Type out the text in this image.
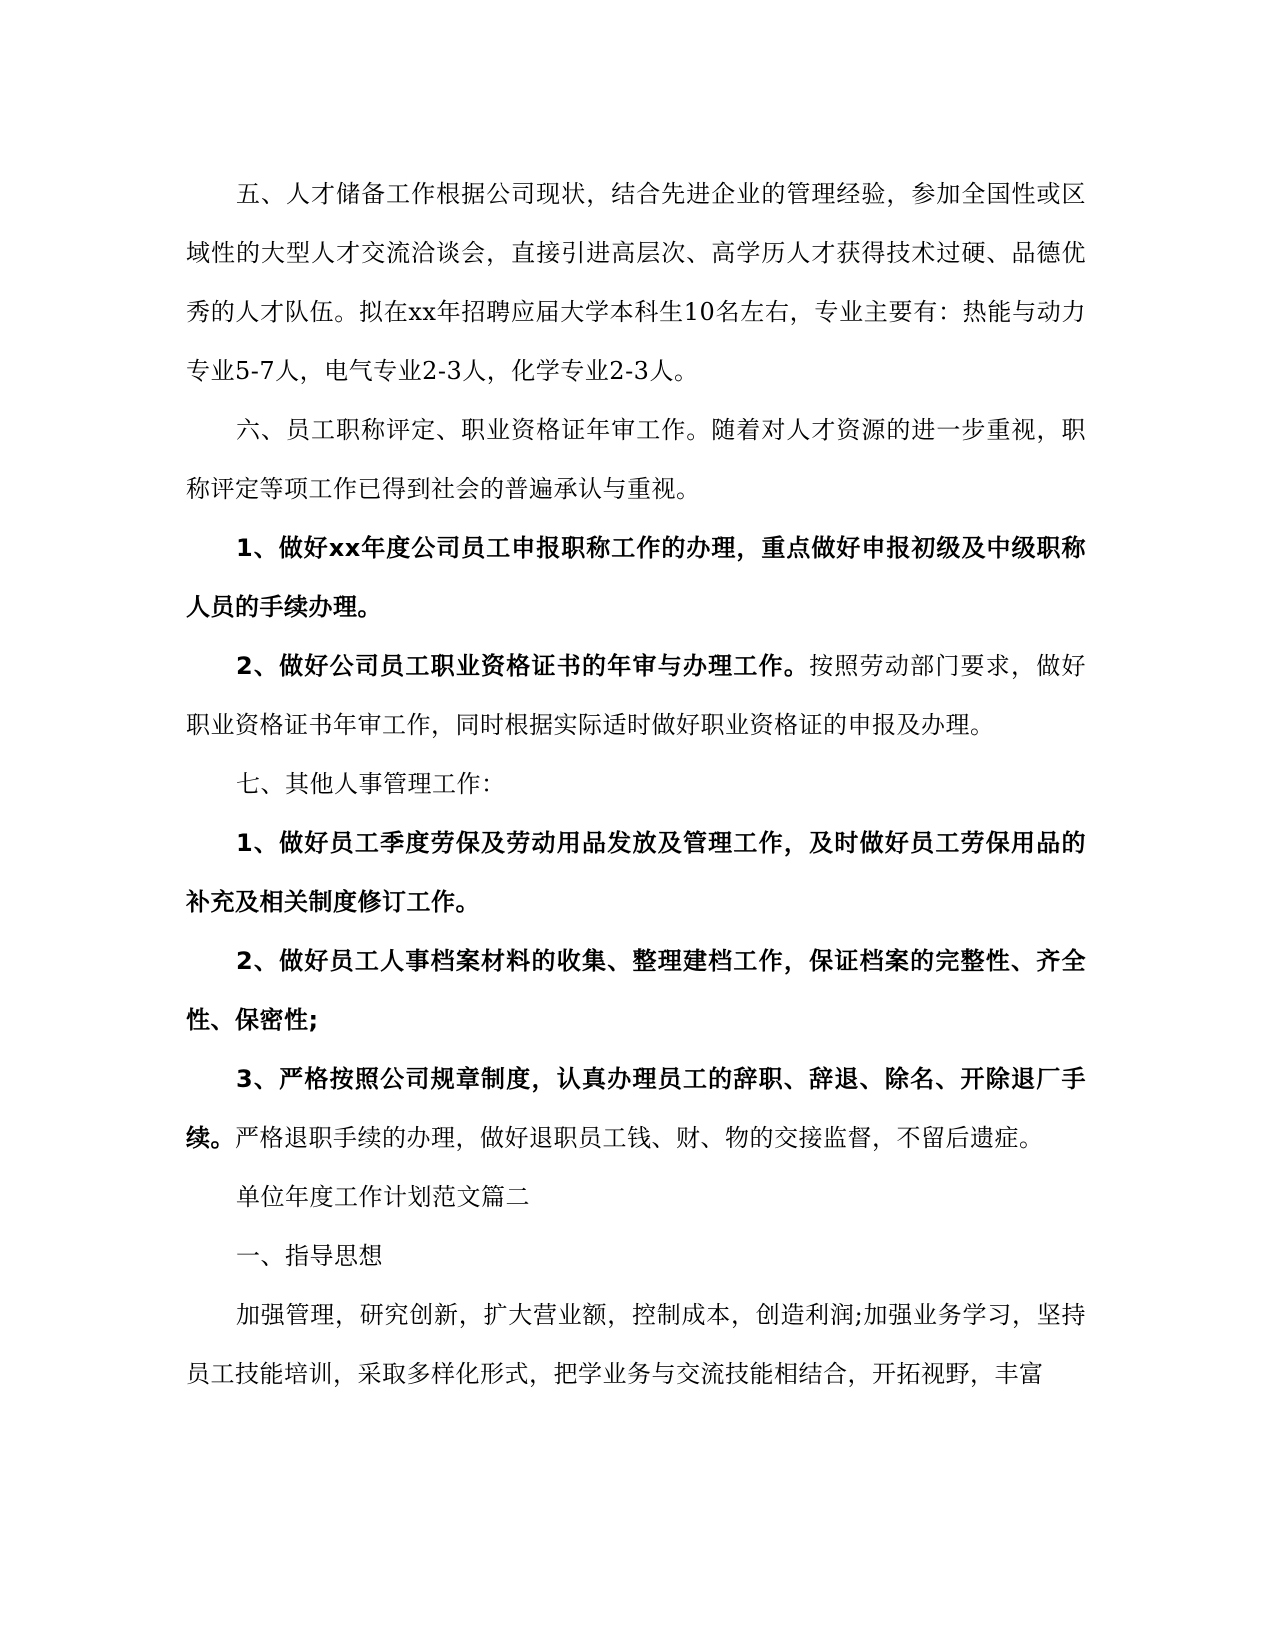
五、人才储备工作根据公司现状，结合先进企业的管理经验，参加全国性或区域性的大型人才交流洽谈会，直接引进高层次、高学历人才获得技术过硬、品德优秀的人才队伍。拟在xx年招聘应届大学本科生10名左右，专业主要有：热能与动力专业5-7人，电气专业2-3人，化学专业2-3人。

六、员工职称评定、职业资格证年审工作。随着对人才资源的进一步重视，职称评定等项工作已得到社会的普遍承认与重视。

1、做好xx年度公司员工申报职称工作的办理，重点做好申报初级及中级职称人员的手续办理。

2、做好公司员工职业资格证书的年审与办理工作。按照劳动部门要求，做好职业资格证书年审工作，同时根据实际适时做好职业资格证的申报及办理。

七、其他人事管理工作：

1、做好员工季度劳保及劳动用品发放及管理工作，及时做好员工劳保用品的补充及相关制度修订工作。

2、做好员工人事档案材料的收集、整理建档工作，保证档案的完整性、齐全性、保密性;

3、严格按照公司规章制度，认真办理员工的辞职、辞退、除名、开除退厂手续。严格退职手续的办理，做好退职员工钱、财、物的交接监督，不留后遗症。

单位年度工作计划范文篇二

一、指导思想

加强管理，研究创新，扩大营业额，控制成本，创造利润;加强业务学习，坚持员工技能培训，采取多样化形式，把学业务与交流技能相结合，开拓视野，丰富
